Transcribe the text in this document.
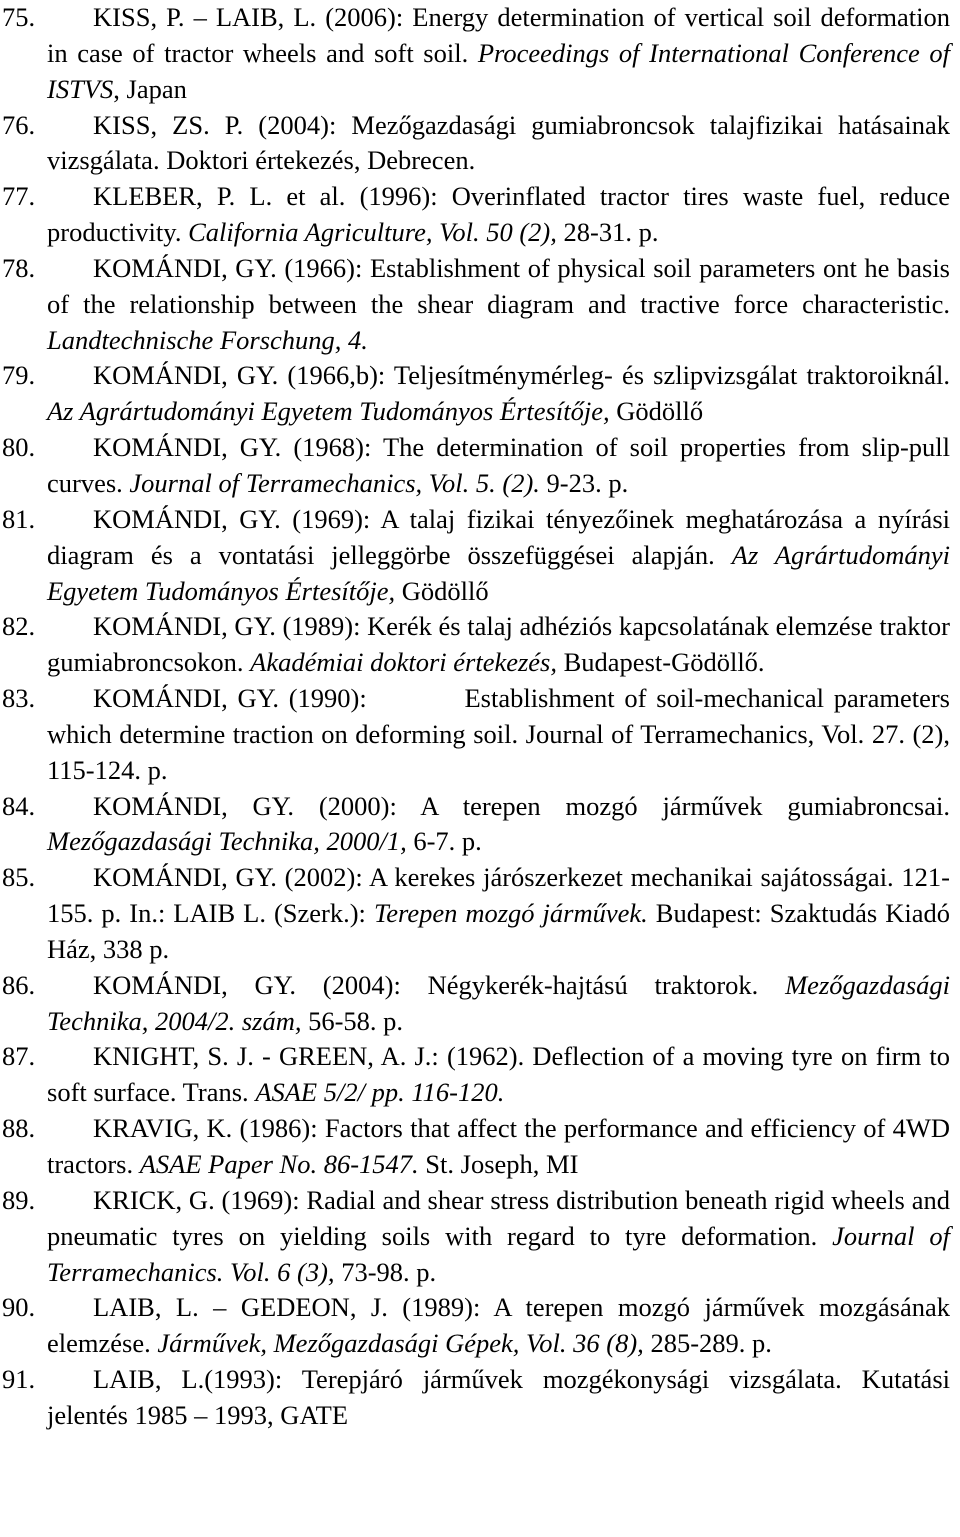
75.	KISS, P. – LAIB, L. (2006): Energy determination of vertical soil deformation in case of tractor wheels and soft soil. Proceedings of International Conference of ISTVS, Japan
76.	KISS, ZS. P. (2004): Mezőgazdasági gumiabroncsok talajfizikai hatásainak vizsgálata. Doktori értekezés, Debrecen.
77.	KLEBER, P. L. et al. (1996): Overinflated tractor tires waste fuel, reduce productivity. California Agriculture, Vol. 50 (2), 28-31. p.
78.	KOMÁNDI, GY. (1966): Establishment of physical soil parameters ont he basis of the relationship between the shear diagram and tractive force characteristic. Landtechnische Forschung, 4.
79.	KOMÁNDI, GY. (1966,b): Teljesítménymérleg- és szlipvizsgálat traktoroiknál. Az Agrártudományi Egyetem Tudományos Értesítője, Gödöllő
80.	KOMÁNDI, GY. (1968): The determination of soil properties from slip-pull curves. Journal of Terramechanics, Vol. 5. (2). 9-23. p.
81.	KOMÁNDI, GY. (1969): A talaj fizikai tényezőinek meghatározása a nyírási diagram és a vontatási jelleggörbe összefüggései alapján. Az Agrártudományi Egyetem Tudományos Értesítője, Gödöllő
82.	KOMÁNDI, GY. (1989): Kerék és talaj adhéziós kapcsolatának elemzése traktor gumiabroncsokon. Akadémiai doktori értekezés, Budapest-Gödöllő.
83.	KOMÁNDI, GY. (1990):          Establishment of soil-mechanical parameters which determine traction on deforming soil. Journal of Terramechanics, Vol. 27. (2), 115-124. p.
84.	KOMÁNDI, GY. (2000): A terepen mozgó járművek gumiabroncsai. Mezőgazdasági Technika, 2000/1, 6-7. p.
85.	KOMÁNDI, GY. (2002): A kerekes járószerkezet mechanikai sajátosságai. 121-155. p. In.: LAIB L. (Szerk.): Terepen mozgó járművek. Budapest: Szaktudás Kiadó Ház, 338 p.
86.	KOMÁNDI, GY. (2004): Négykerék-hajtású traktorok. Mezőgazdasági Technika, 2004/2. szám, 56-58. p.
87.	KNIGHT, S. J. - GREEN, A. J.: (1962). Deflection of a moving tyre on firm to soft surface. Trans. ASAE 5/2/ pp. 116-120.
88.	KRAVIG, K. (1986): Factors that affect the performance and efficiency of 4WD tractors. ASAE Paper No. 86-1547. St. Joseph, MI
89.	KRICK, G. (1969): Radial and shear stress distribution beneath rigid wheels and pneumatic tyres on yielding soils with regard to tyre deformation. Journal of Terramechanics. Vol. 6 (3), 73-98. p.
90.	LAIB, L. – GEDEON, J. (1989): A terepen mozgó járművek mozgásának elemzése. Járművek, Mezőgazdasági Gépek, Vol. 36 (8), 285-289. p.
91.	LAIB, L.(1993): Terepjáró járművek mozgékonysági vizsgálata. Kutatási jelentés 1985 – 1993, GATE
